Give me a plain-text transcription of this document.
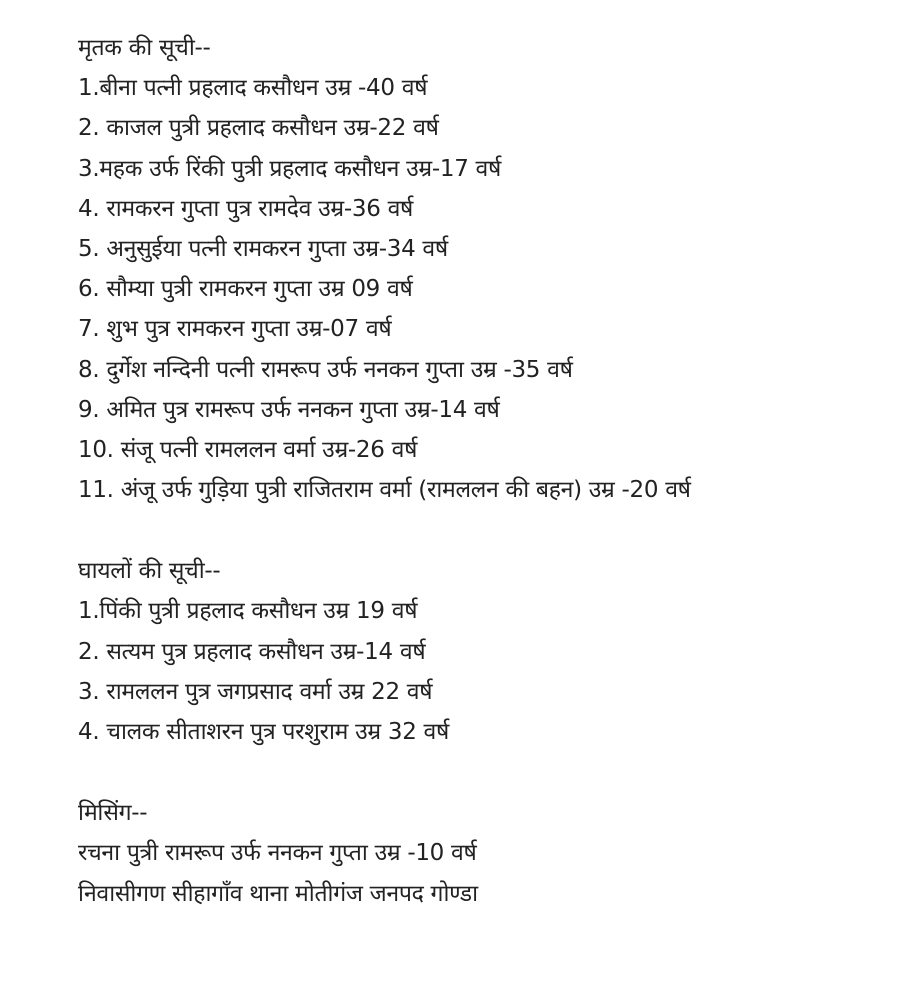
मृतक की सूची--
1.बीना पत्नी प्रहलाद कसौधन उम्र -40 वर्ष
2. काजल पुत्री प्रहलाद कसौधन उम्र-22 वर्ष
3.महक उर्फ रिंकी पुत्री प्रहलाद कसौधन उम्र-17 वर्ष
4. रामकरन गुप्ता पुत्र रामदेव उम्र-36 वर्ष
5. अनुसुईया पत्नी रामकरन गुप्ता उम्र-34 वर्ष
6. सौम्या पुत्री रामकरन गुप्ता उम्र 09 वर्ष
7. शुभ पुत्र रामकरन गुप्ता उम्र-07 वर्ष
8. दुर्गेश नन्दिनी पत्नी रामरूप उर्फ ननकन गुप्ता उम्र -35 वर्ष
9. अमित पुत्र रामरूप उर्फ ननकन गुप्ता उम्र-14 वर्ष
10. संजू पत्नी रामललन वर्मा उम्र-26 वर्ष
11. अंजू उर्फ गुड़िया पुत्री राजितराम वर्मा (रामललन की बहन) उम्र -20 वर्ष
घायलों की सूची--
1.पिंकी पुत्री प्रहलाद कसौधन उम्र 19 वर्ष
2. सत्यम पुत्र प्रहलाद कसौधन उम्र-14 वर्ष
3. रामललन पुत्र जगप्रसाद वर्मा उम्र 22 वर्ष
4. चालक सीताशरन पुत्र परशुराम उम्र 32 वर्ष
मिसिंग--
रचना पुत्री रामरूप उर्फ ननकन गुप्ता उम्र -10 वर्ष
निवासीगण सीहागाँव थाना मोतीगंज जनपद गोण्डा
